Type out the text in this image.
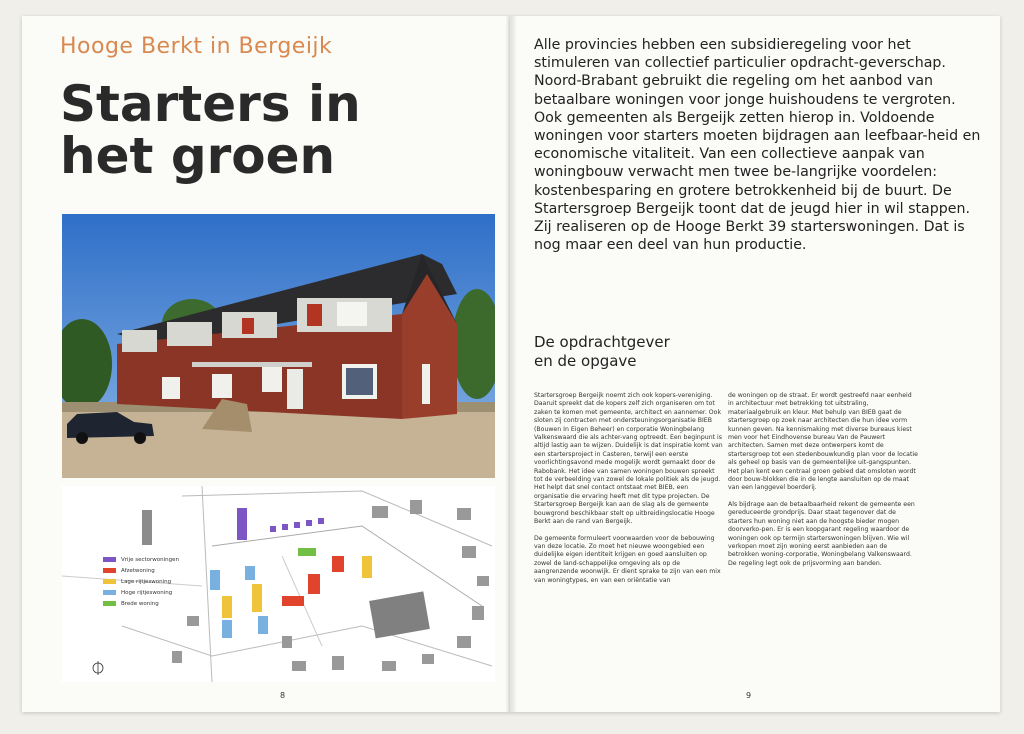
Hooge Berkt in Bergeijk
Starters in
het groen
Vrije sectorwoningen
Afzetwoning
Lage rijtjeswoning
Hoge rijtjeswoning
Brede woning
8

Alle provincies hebben een subsidieregeling voor het stimuleren van collectief particulier opdracht-geverschap. Noord-Brabant gebruikt die regeling om het aanbod van betaalbare woningen voor jonge huishoudens te vergroten. Ook gemeenten als Bergeijk zetten hierop in. Voldoende woningen voor starters moeten bijdragen aan leefbaar-heid en economische vitaliteit. Van een collectieve aanpak van woningbouw verwacht men twee be-langrijke voordelen: kostenbesparing en grotere betrokkenheid bij de buurt. De Startersgroep Bergeijk toont dat de jeugd hier in wil stappen. Zij realiseren op de Hooge Berkt 39 starterswoningen. Dat is nog maar een deel van hun productie.

De opdrachtgever
en de opgave

Startersgroep Bergeijk noemt zich ook kopers-vereniging. Daaruit spreekt dat de kopers zelf zich organiseren om tot zaken te komen met gemeente, architect en aannemer. Ook sloten zij contracten met ondersteuningsorganisatie BIEB (Bouwen In Eigen Beheer) en corporatie Woningbelang Valkenswaard die als achter-vang optreedt. Een beginpunt is altijd lastig aan te wijzen. Duidelijk is dat inspiratie komt van een startersproject in Casteren, terwijl een eerste voorlichtingsavond mede mogelijk wordt gemaakt door de Rabobank. Het idee van samen woningen bouwen spreekt tot de verbeelding van zowel de lokale politiek als de jeugd. Het helpt dat snel contact ontstaat met BIEB, een organisatie die ervaring heeft met dit type projecten. De Startersgroep Bergeijk kan aan de slag als de gemeente bouwgrond beschikbaar stelt op uitbreidingslocatie Hooge Berkt aan de rand van Bergeijk.

De gemeente formuleert voorwaarden voor de bebouwing van deze locatie. Zo moet het nieuwe woongebied een duidelijke eigen identiteit krijgen en goed aansluiten op zowel de land-schappelijke omgeving als op de aangrenzende woonwijk. Er dient sprake te zijn van een mix van woningtypes, en van een oriëntatie van

de woningen op de straat. Er wordt gestreefd naar eenheid in architectuur met betrekking tot uitstraling, materiaalgebruik en kleur. Met behulp van BIEB gaat de startersgroep op zoek naar architecten die hun idee vorm kunnen geven. Na kennismaking met diverse bureaus kiest men voor het Eindhovense bureau Van de Pauwert architecten. Samen met deze ontwerpers komt de startersgroep tot een stedenbouwkundig plan voor de locatie als geheel op basis van de gemeentelijke uit-gangspunten. Het plan kent een centraal groen gebied dat omsloten wordt door bouw-blokken die in de lengte aansluiten op de maat van een langgevel boerderij.

Als bijdrage aan de betaalbaarheid rekent de gemeente een gereduceerde grondprijs. Daar staat tegenover dat de starters hun woning niet aan de hoogste bieder mogen doorverko-pen. Er is een koopgarant regeling waardoor de woningen ook op termijn starterswoningen blijven. Wie wil verkopen moet zijn woning eerst aanbieden aan de betrokken woning-corporatie, Woningbelang Valkenswaard. De regeling legt ook de prijsvorming aan banden.

9
